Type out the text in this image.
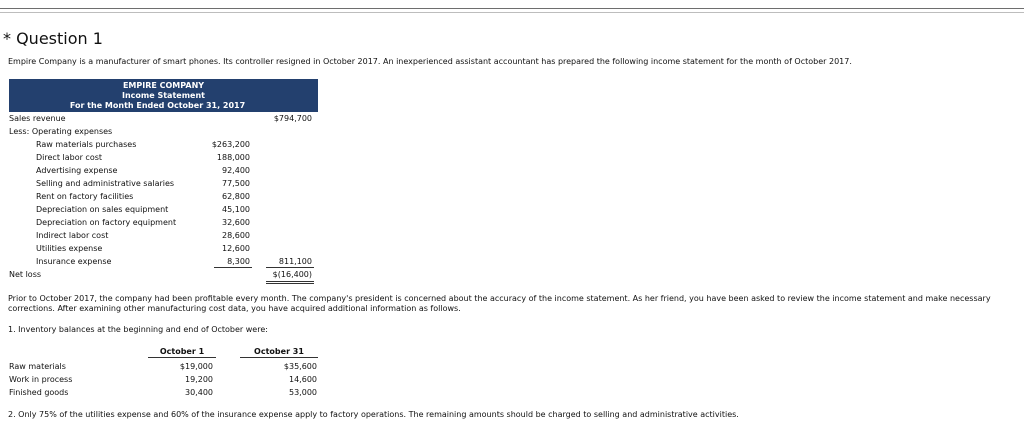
* Question 1
Empire Company is a manufacturer of smart phones. Its controller resigned in October 2017. An inexperienced assistant accountant has prepared the following income statement for the month of October 2017.
EMPIRE COMPANY
Income Statement
For the Month Ended October 31, 2017
Sales revenue	$794,700
Less: Operating expenses
Raw materials purchases	$263,200
Direct labor cost	188,000
Advertising expense	92,400
Selling and administrative salaries	77,500
Rent on factory facilities	62,800
Depreciation on sales equipment	45,100
Depreciation on factory equipment	32,600
Indirect labor cost	28,600
Utilities expense	12,600
Insurance expense	8,300	811,100
Net loss	$(16,400)
Prior to October 2017, the company had been profitable every month. The company's president is concerned about the accuracy of the income statement. As her friend, you have been asked to review the income statement and make necessary corrections. After examining other manufacturing cost data, you have acquired additional information as follows.
1. Inventory balances at the beginning and end of October were:
October 1	October 31
Raw materials	$19,000	$35,600
Work in process	19,200	14,600
Finished goods	30,400	53,000
2. Only 75% of the utilities expense and 60% of the insurance expense apply to factory operations. The remaining amounts should be charged to selling and administrative activities.
